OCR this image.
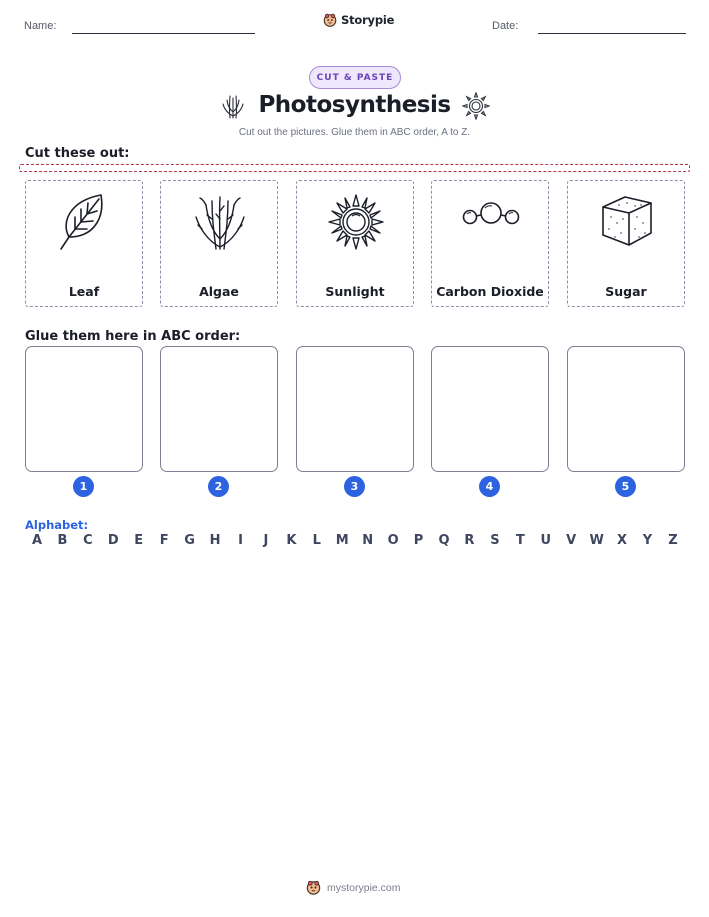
Name:	Storypie	Date:
CUT & PASTE
Photosynthesis
Cut out the pictures. Glue them in ABC order, A to Z.
Cut these out:
Leaf	Algae	Sunlight	Carbon Dioxide	Sugar
Glue them here in ABC order:
1	2	3	4	5
Alphabet:
A	B	C	D	E	F	G	H	I	J	K	L	M	N	O	P	Q	R	S	T	U	V	W	X	Y	Z
mystorypie.com
